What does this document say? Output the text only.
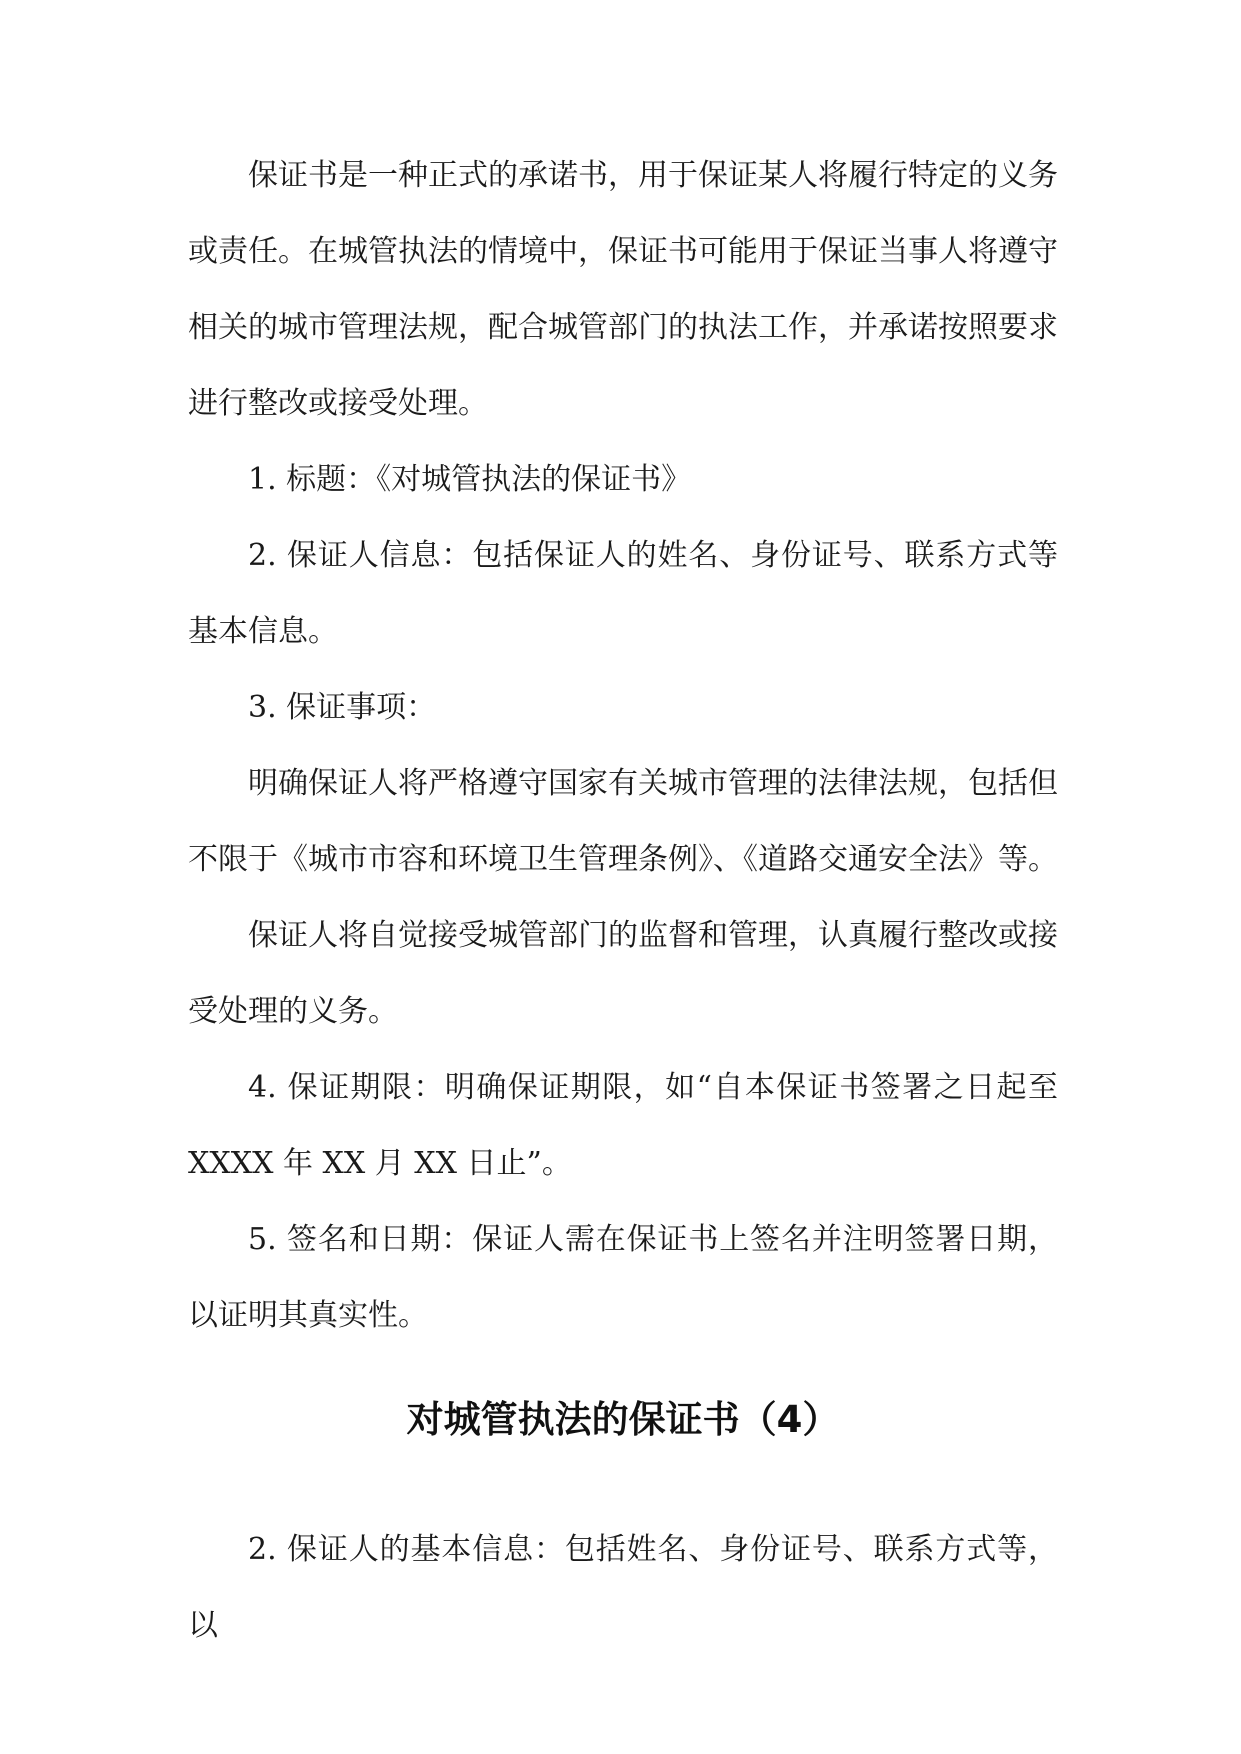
保证书是一种正式的承诺书，用于保证某人将履行特定的义务或责任。在城管执法的情境中，保证书可能用于保证当事人将遵守相关的城市管理法规，配合城管部门的执法工作，并承诺按照要求进行整改或接受处理。

1. 标题：《对城管执法的保证书》

2. 保证人信息：包括保证人的姓名、身份证号、联系方式等基本信息。

3. 保证事项：

明确保证人将严格遵守国家有关城市管理的法律法规，包括但不限于《城市市容和环境卫生管理条例》、《道路交通安全法》等。

保证人将自觉接受城管部门的监督和管理，认真履行整改或接受处理的义务。

4. 保证期限：明确保证期限，如“自本保证书签署之日起至 XXXX 年 XX 月 XX 日止”。

5. 签名和日期：保证人需在保证书上签名并注明签署日期，以证明其真实性。

对城管执法的保证书（4）

2. 保证人的基本信息：包括姓名、身份证号、联系方式等，以
